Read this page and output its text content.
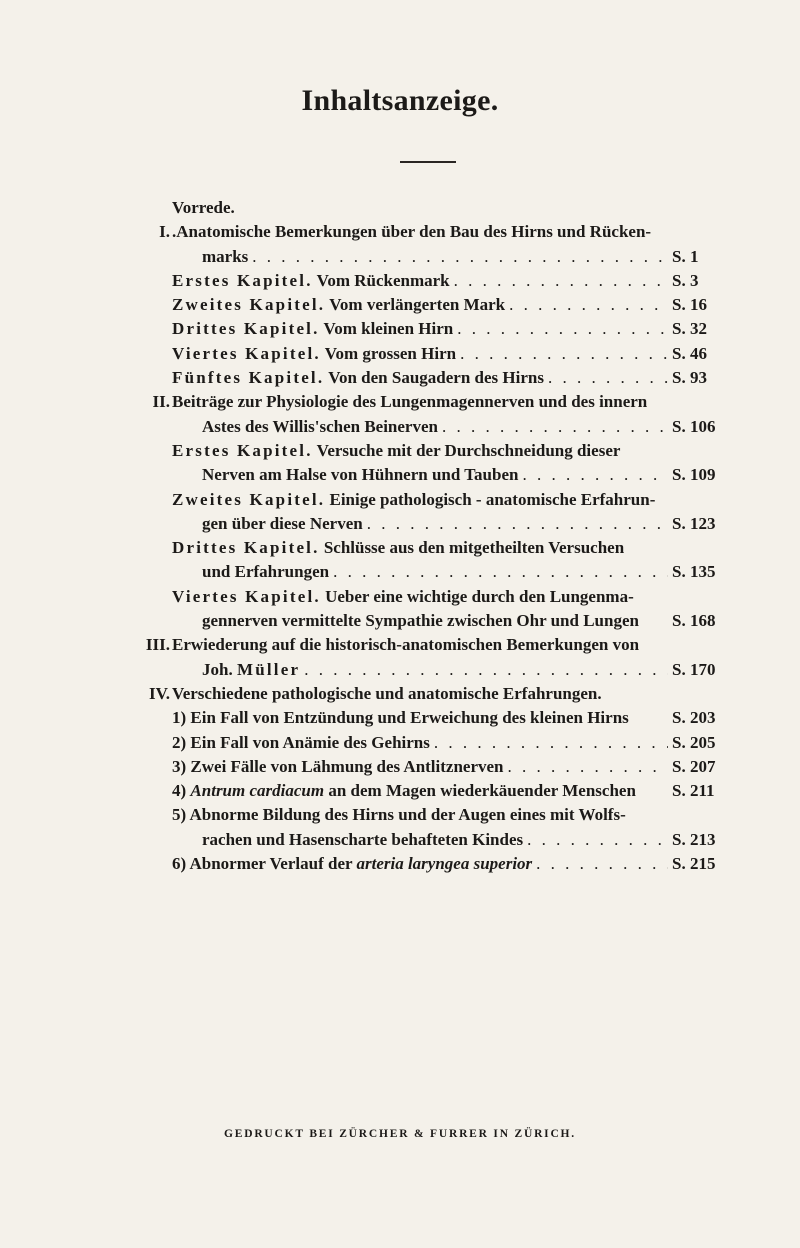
Inhaltsanzeige.
Vorrede.
I. .Anatomische Bemerkungen über den Bau des Hirns und Rücken-
marks . . .	S. 1
Erstes Kapitel. Vom Rückenmark . . .	S. 3
Zweites Kapitel. Vom verlängerten Mark . . .	S. 16
Drittes Kapitel. Vom kleinen Hirn . . .	S. 32
Viertes Kapitel. Vom grossen Hirn . . .	S. 46
Fünftes Kapitel. Von den Saugadern des Hirns . . .	S. 93
II. Beiträge zur Physiologie des Lungenmagennerven und des innern
Astes des Willis'schen Beinerven . . .	S. 106
Erstes Kapitel. Versuche mit der Durchschneidung dieser
Nerven am Halse von Hühnern und Tauben . . .	S. 109
Zweites Kapitel. Einige pathologisch - anatomische Erfahrun-
gen über diese Nerven . . .	S. 123
Drittes Kapitel. Schlüsse aus den mitgetheilten Versuchen
und Erfahrungen . . .	S. 135
Viertes Kapitel. Ueber eine wichtige durch den Lungenma-
gennerven vermittelte Sympathie zwischen Ohr und Lungen S. 168
III. Erwiederung auf die historisch-anatomischen Bemerkungen von
Joh. Müller . . .	S. 170
IV. Verschiedene pathologische und anatomische Erfahrungen.
1) Ein Fall von Entzündung und Erweichung des kleinen Hirns	S. 203
2) Ein Fall von Anämie des Gehirns . . .	S. 205
3) Zwei Fälle von Lähmung des Antlitznerven . . .	S. 207
4) Antrum cardiacum an dem Magen wiederkäuender Menschen S. 211
5) Abnorme Bildung des Hirns und der Augen eines mit Wolfs-
rachen und Hasenscharte behafteten Kindes . . .	S. 213
6) Abnormer Verlauf der arteria laryngea superior . . .	S. 215
GEDRUCKT BEI ZÜRCHER & FURRER IN ZÜRICH.
